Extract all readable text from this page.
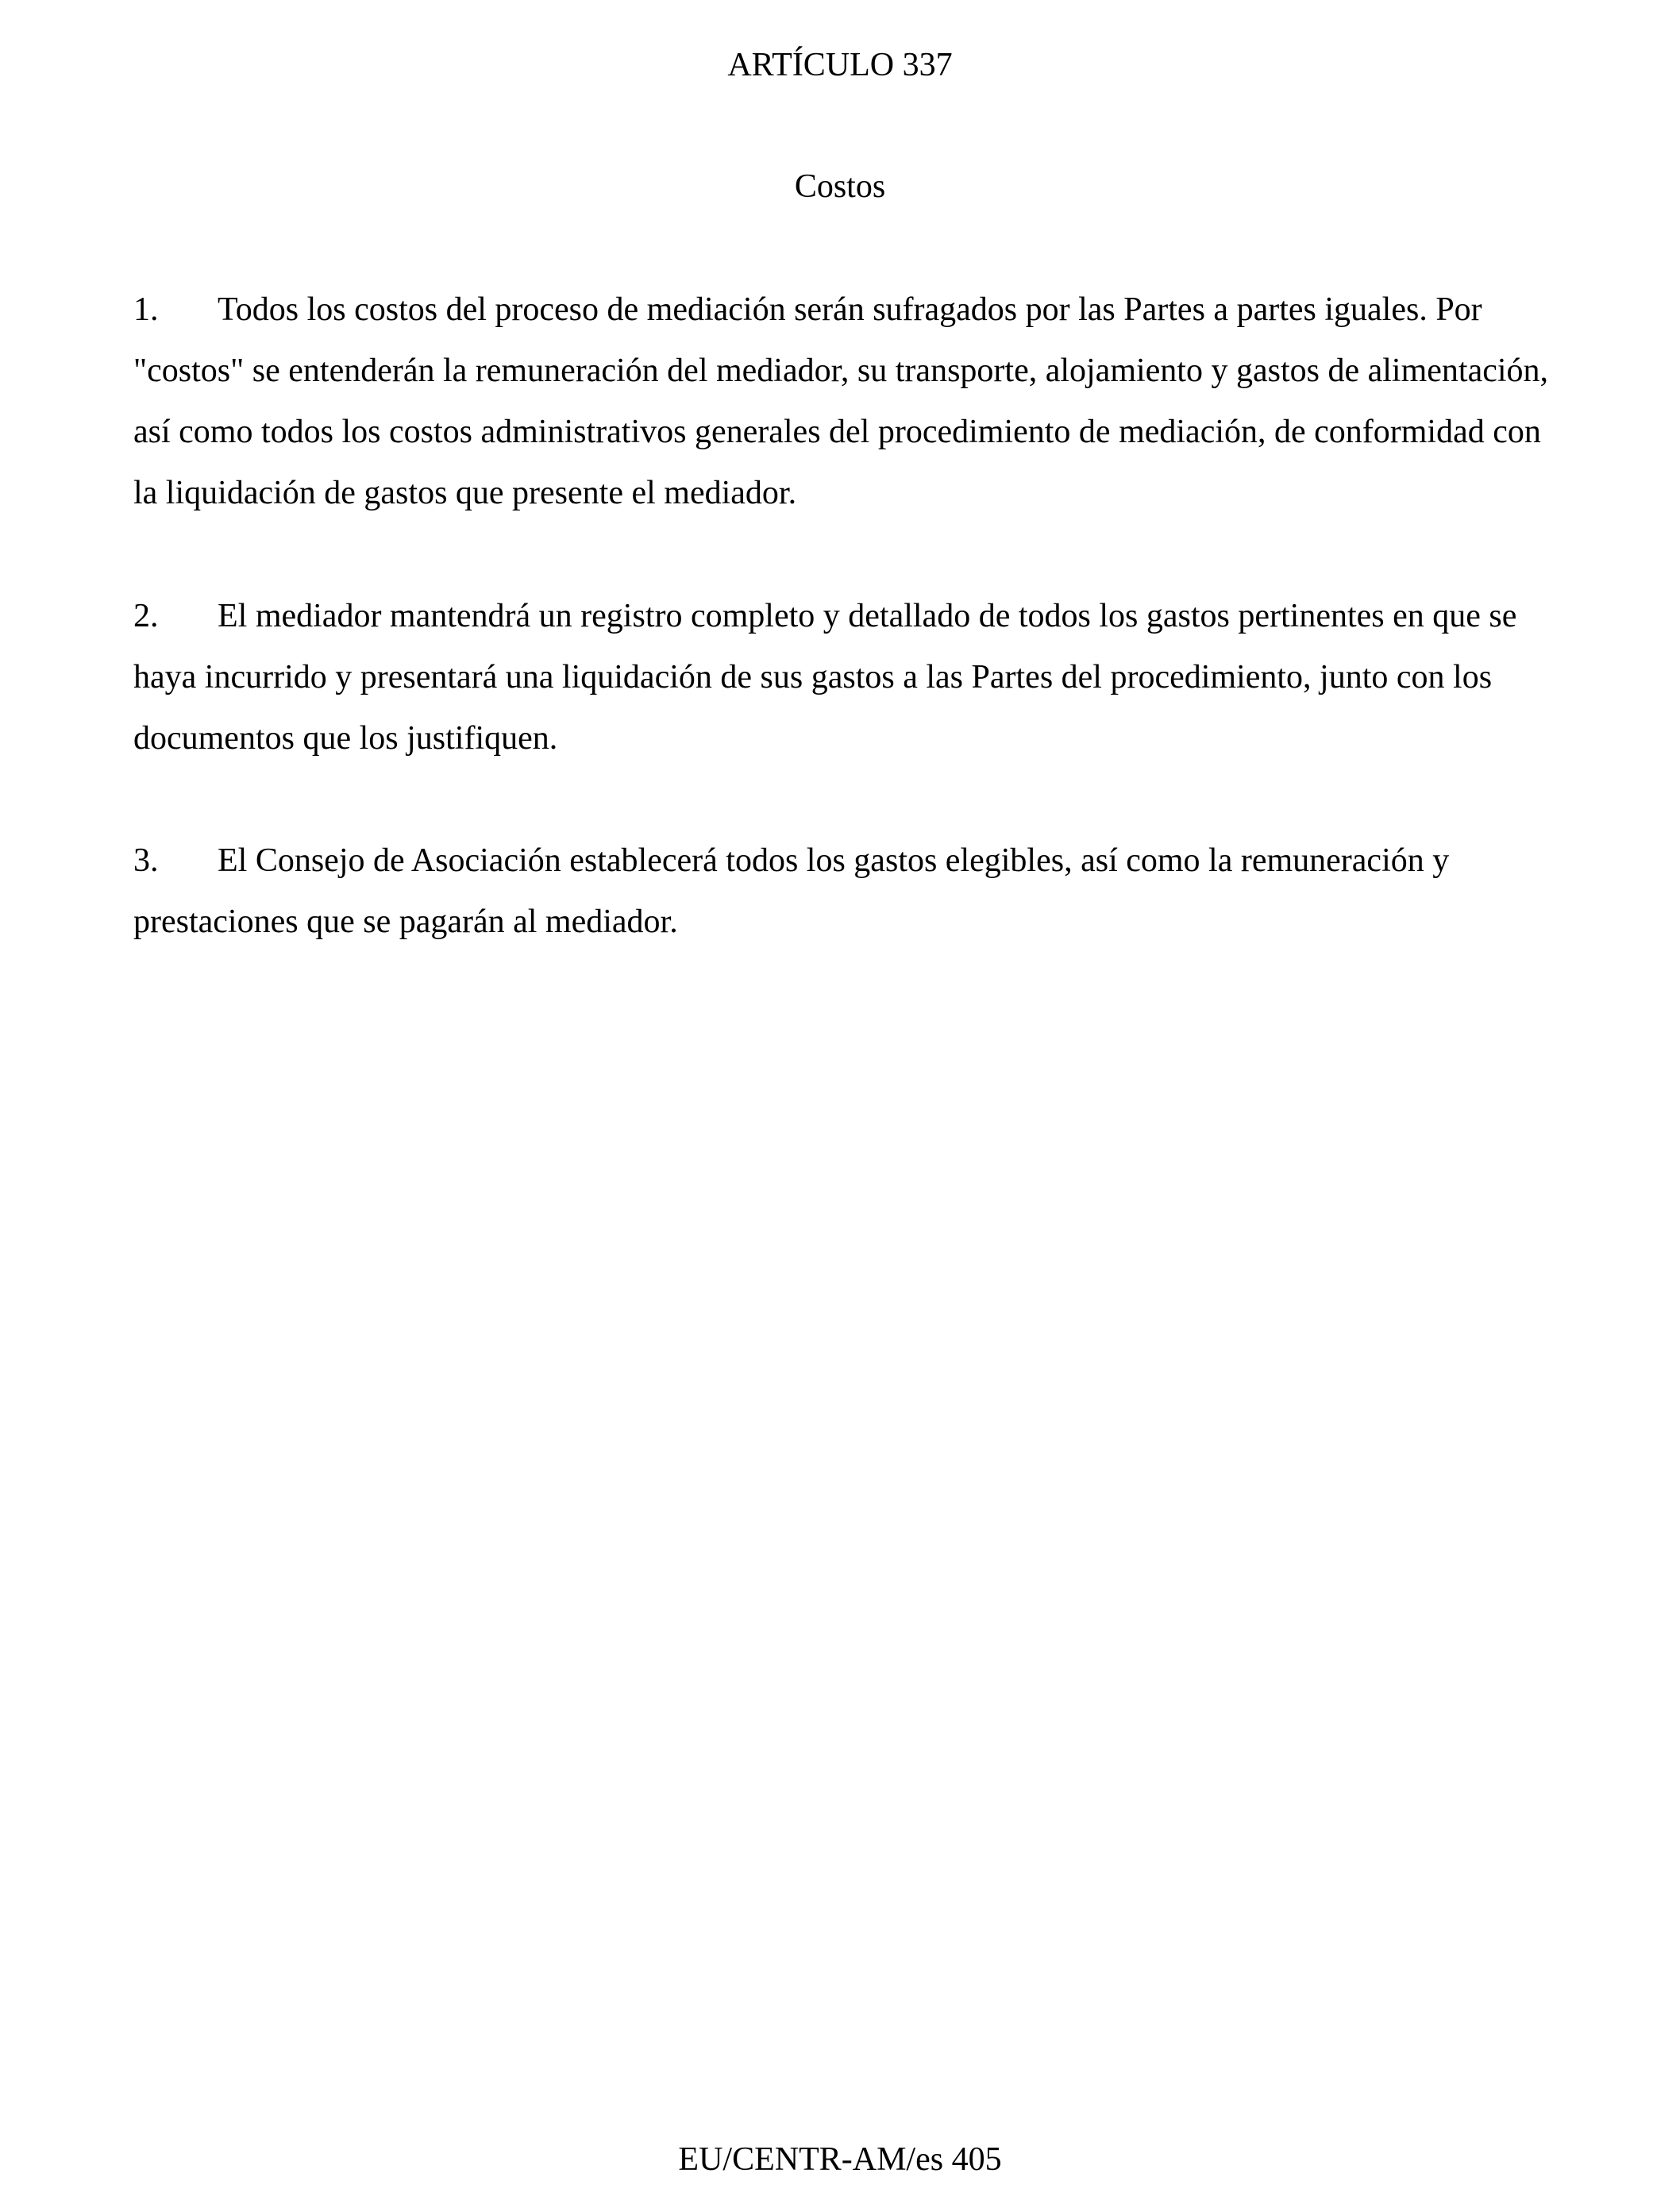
ARTÍCULO 337
Costos

1. Todos los costos del proceso de mediación serán sufragados por las Partes a partes iguales. Por "costos" se entenderán la remuneración del mediador, su transporte, alojamiento y gastos de alimentación, así como todos los costos administrativos generales del procedimiento de mediación, de conformidad con la liquidación de gastos que presente el mediador.

2. El mediador mantendrá un registro completo y detallado de todos los gastos pertinentes en que se haya incurrido y presentará una liquidación de sus gastos a las Partes del procedimiento, junto con los documentos que los justifiquen.

3. El Consejo de Asociación establecerá todos los gastos elegibles, así como la remuneración y prestaciones que se pagarán al mediador.

EU/CENTR-AM/es 405
